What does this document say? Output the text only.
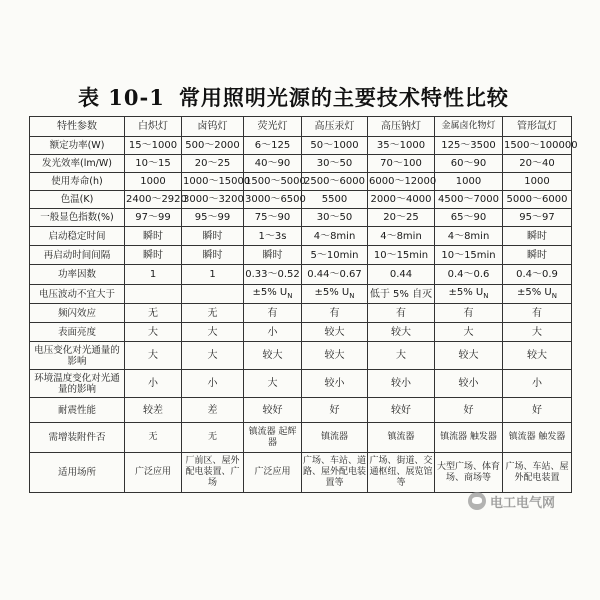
表 10-1 常用照明光源的主要技术特性比较
特性参数	白炽灯	卤钨灯	荧光灯	高压汞灯	高压钠灯	金属卤化物灯	管形氙灯
额定功率(W)	15～1000	500～2000	6～125	50～1000	35～1000	125～3500	1500～100000
发光效率(lm/W)	10～15	20～25	40～90	30～50	70～100	60～90	20～40
使用寿命(h)	1000	1000～15000	1500～5000	2500～6000	6000～12000	1000	1000
色温(K)	2400～2920	3000～3200	3000～6500	5500	2000～4000	4500～7000	5000～6000
一般显色指数(%)	97～99	95～99	75～90	30～50	20～25	65～90	95～97
启动稳定时间	瞬时	瞬时	1～3s	4～8min	4～8min	4～8min	瞬时
再启动时间间隔	瞬时	瞬时	瞬时	5～10min	10～15min	10～15min	瞬时
功率因数	1	1	0.33～0.52	0.44～0.67	0.44	0.4～0.6	0.4～0.9
电压波动不宜大于			±5% $U_N$	±5% $U_N$	低于 5% 自灭	±5% $U_N$	±5% $U_N$
频闪效应	无	无	有	有	有	有	有
表面亮度	大	大	小	较大	较大	大	大
电压变化对光通量的影响	大	大	较大	较大	大	较大	较大
环境温度变化对光通量的影响	小	小	大	较小	较小	较小	小
耐震性能	较差	差	较好	好	较好	好	好
需增装附件否	无	无	镇流器 起辉器	镇流器	镇流器	镇流器 触发器	镇流器 触发器
适用场所	广泛应用	厂前区、屋外配电装置、广场	广泛应用	广场、车站、道路、屋外配电装置等	广场、街道、交通枢纽、展览馆等	大型广场、体育场、商场等	广场、车站、屋外配电装置
电工电气网
